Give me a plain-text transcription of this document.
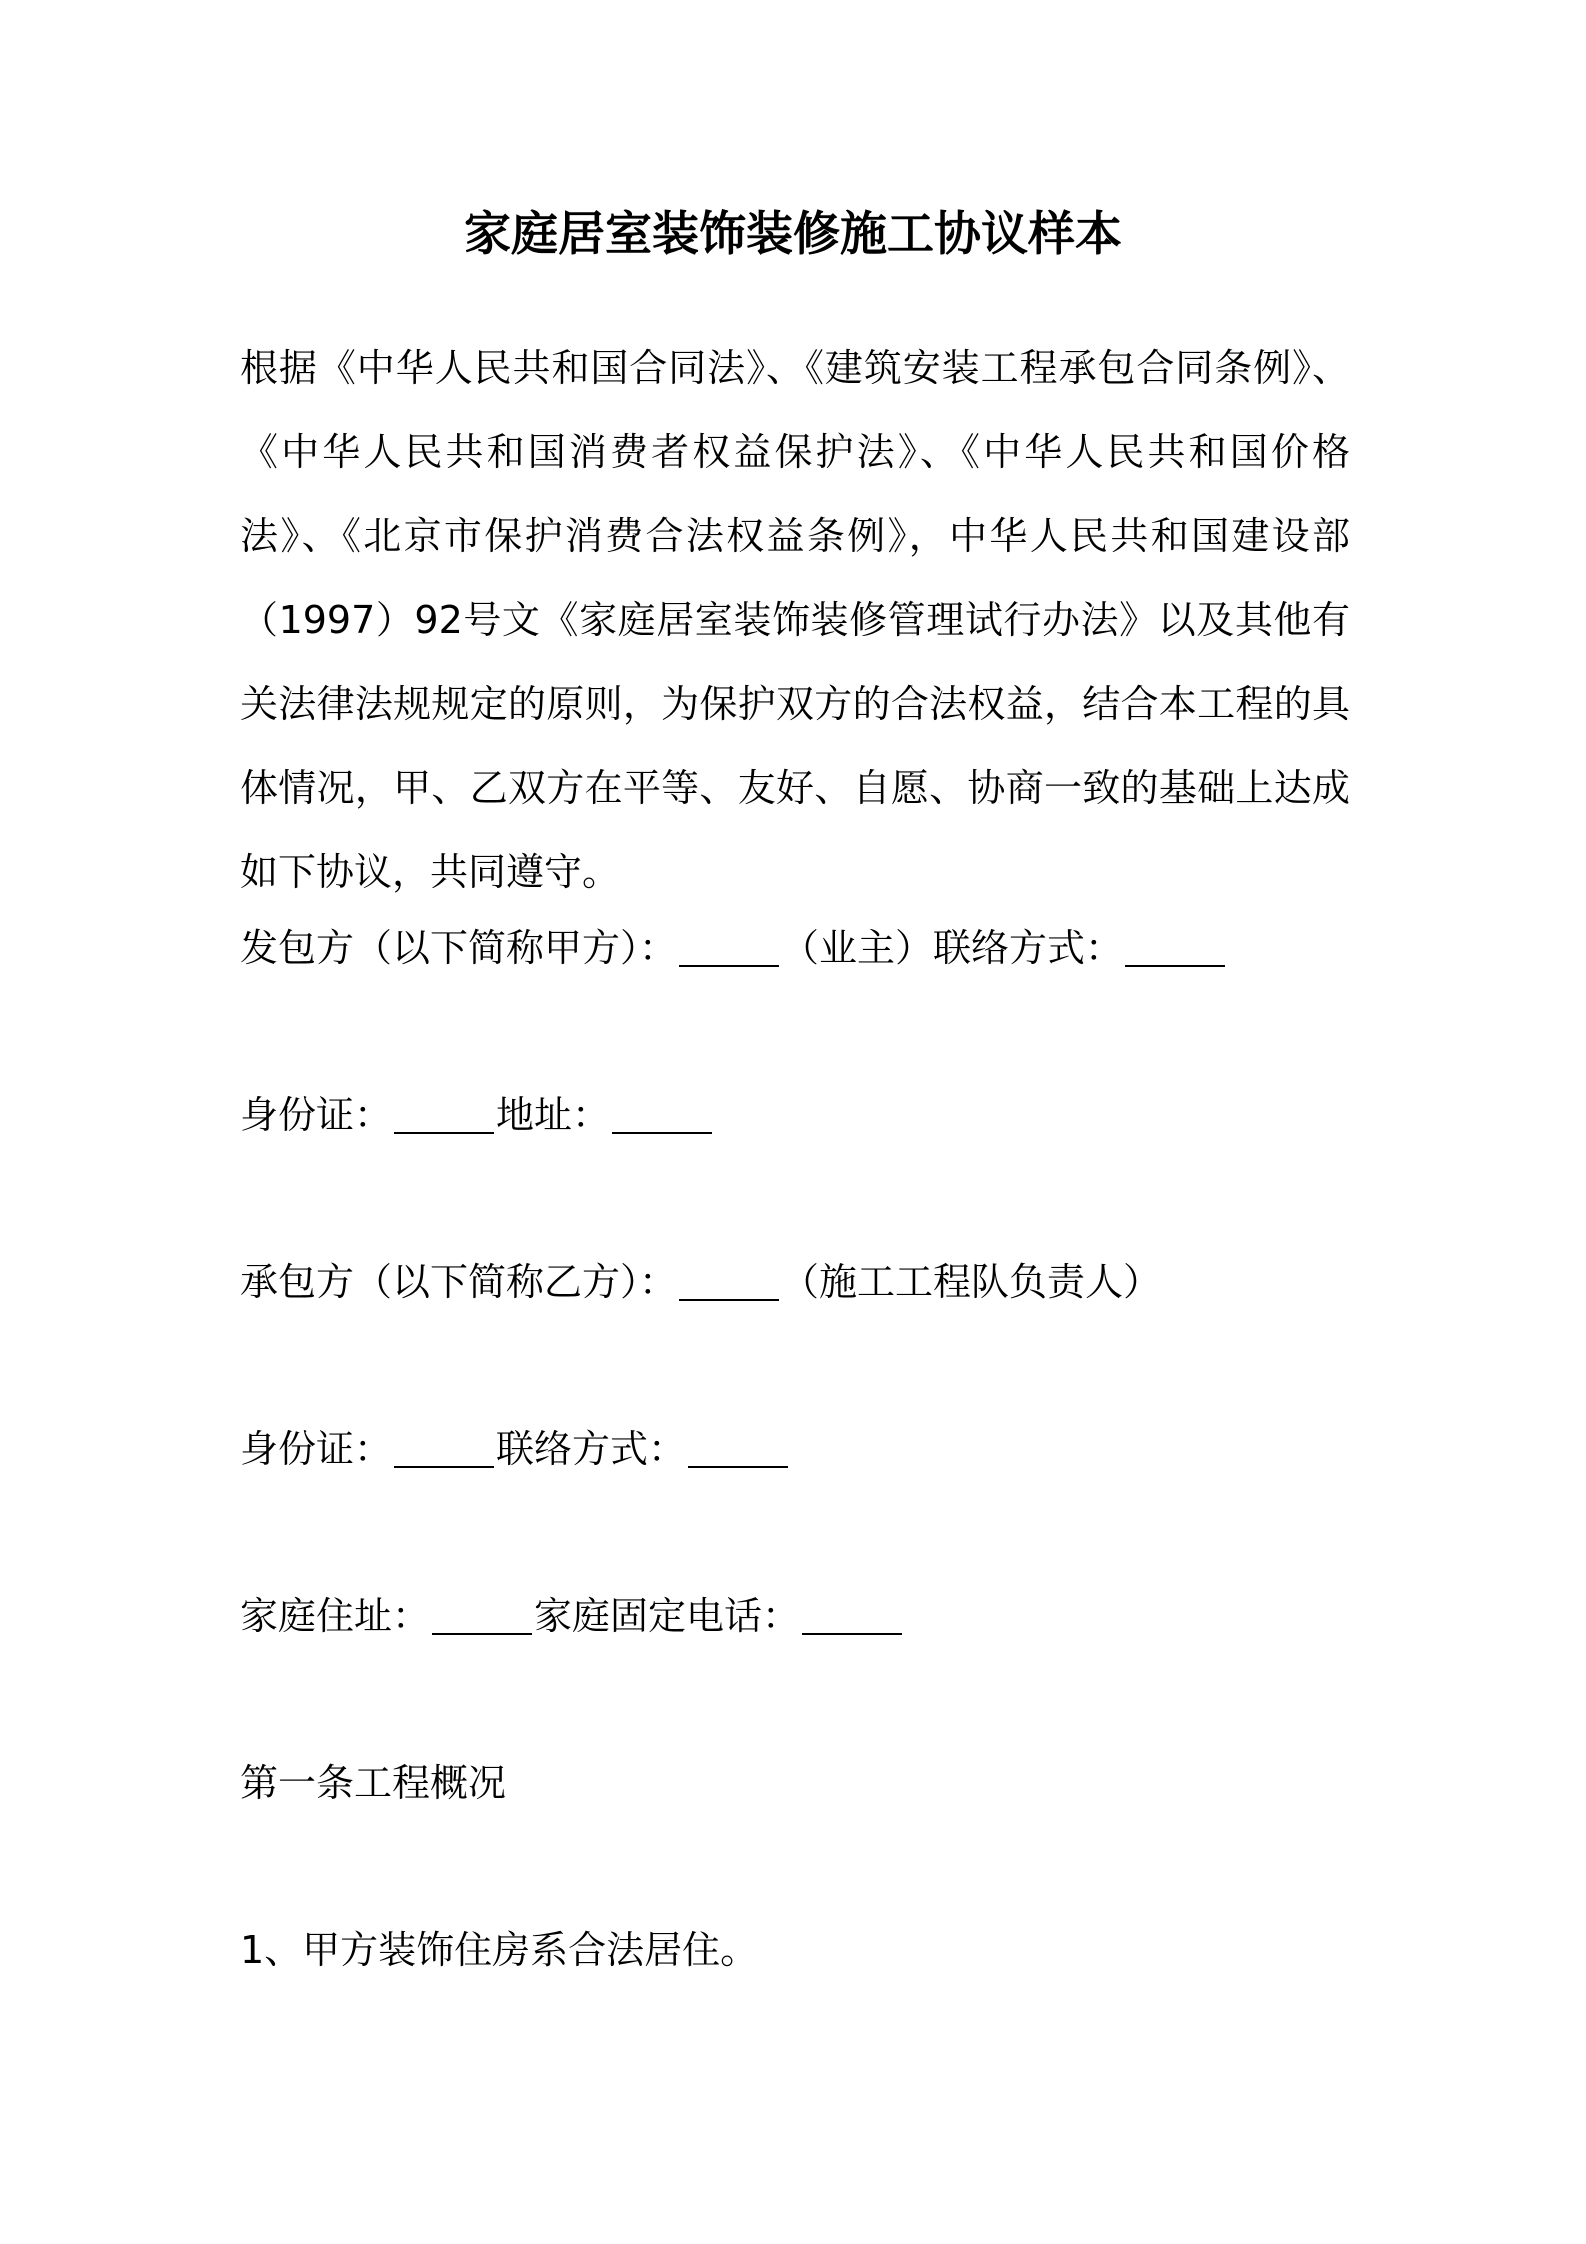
家庭居室装饰装修施工协议样本
根据《中华人民共和国合同法》、《建筑安装工程承包合同条例》、《中华人民共和国消费者权益保护法》、《中华人民共和国价格法》、《北京市保护消费合法权益条例》，中华人民共和国建设部（1997）92号文《家庭居室装饰装修管理试行办法》以及其他有关法律法规规定的原则，为保护双方的合法权益，结合本工程的具体情况，甲、乙双方在平等、友好、自愿、协商一致的基础上达成如下协议，共同遵守。
发包方（以下简称甲方）：	（业主）联络方式：
身份证：	地址：
承包方（以下简称乙方）：	（施工工程队负责人）
身份证：	联络方式：
家庭住址：	家庭固定电话：
第一条工程概况
1、甲方装饰住房系合法居住。
